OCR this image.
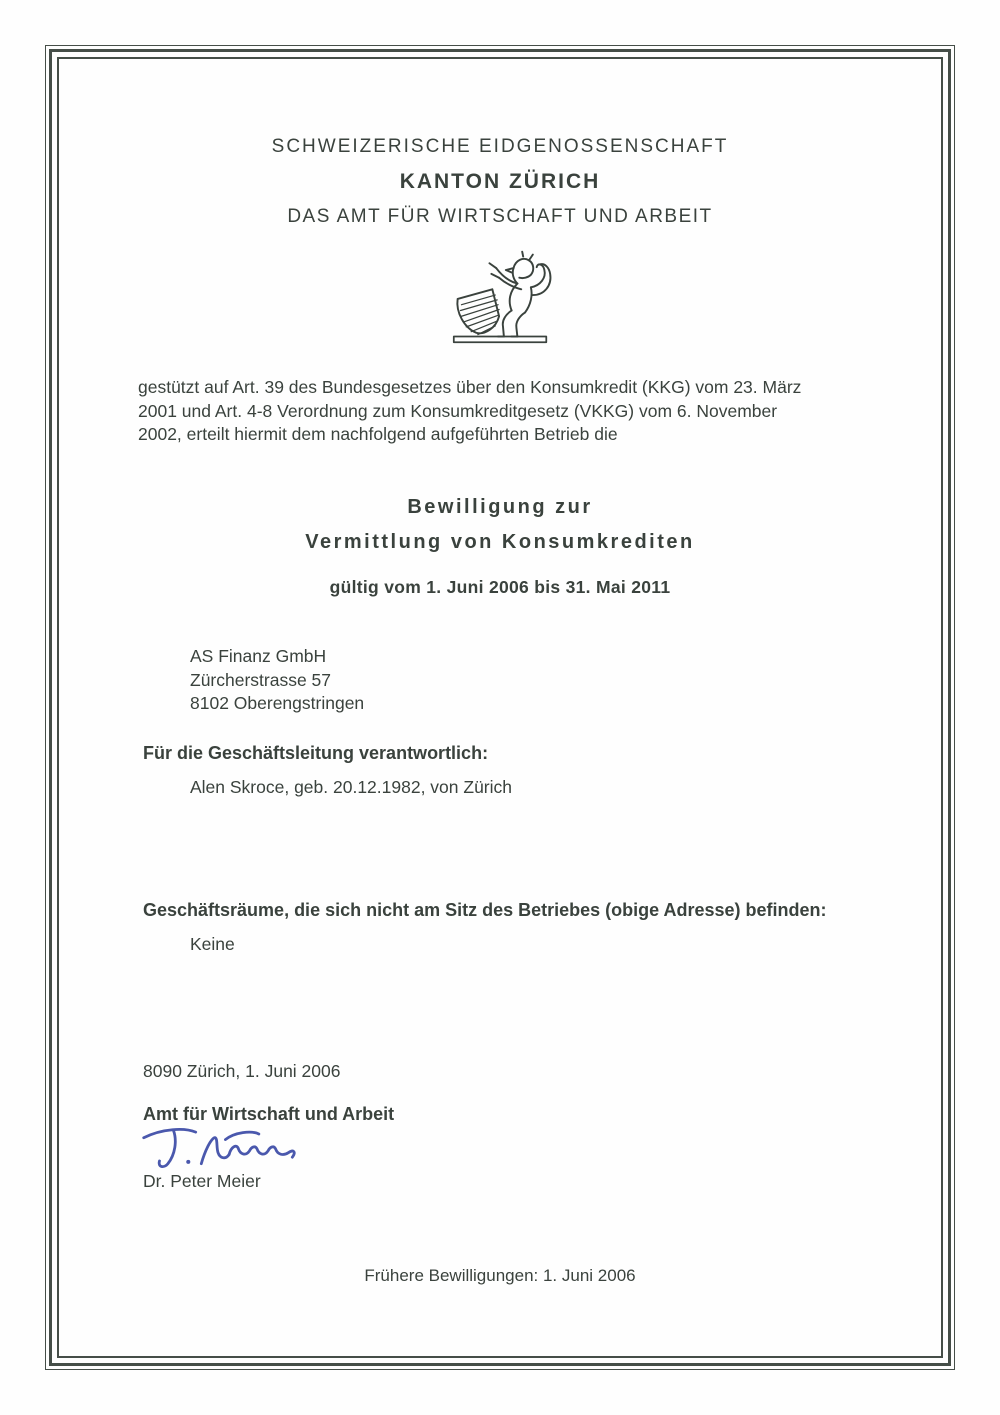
SCHWEIZERISCHE EIDGENOSSENSCHAFT
KANTON ZÜRICH
DAS AMT FÜR WIRTSCHAFT UND ARBEIT
gestützt auf Art. 39 des Bundesgesetzes über den Konsumkredit (KKG) vom 23. März
2001 und Art. 4-8 Verordnung zum Konsumkreditgesetz (VKKG) vom 6. November
2002, erteilt hiermit dem nachfolgend aufgeführten Betrieb die
Bewilligung zur
Vermittlung von Konsumkrediten
gültig vom 1. Juni 2006 bis 31. Mai 2011
AS Finanz GmbH
Zürcherstrasse 57
8102 Oberengstringen
Für die Geschäftsleitung verantwortlich:
Alen Skroce, geb. 20.12.1982, von Zürich
Geschäftsräume, die sich nicht am Sitz des Betriebes (obige Adresse) befinden:
Keine
8090 Zürich, 1. Juni 2006
Amt für Wirtschaft und Arbeit
Dr. Peter Meier
Frühere Bewilligungen: 1. Juni 2006
